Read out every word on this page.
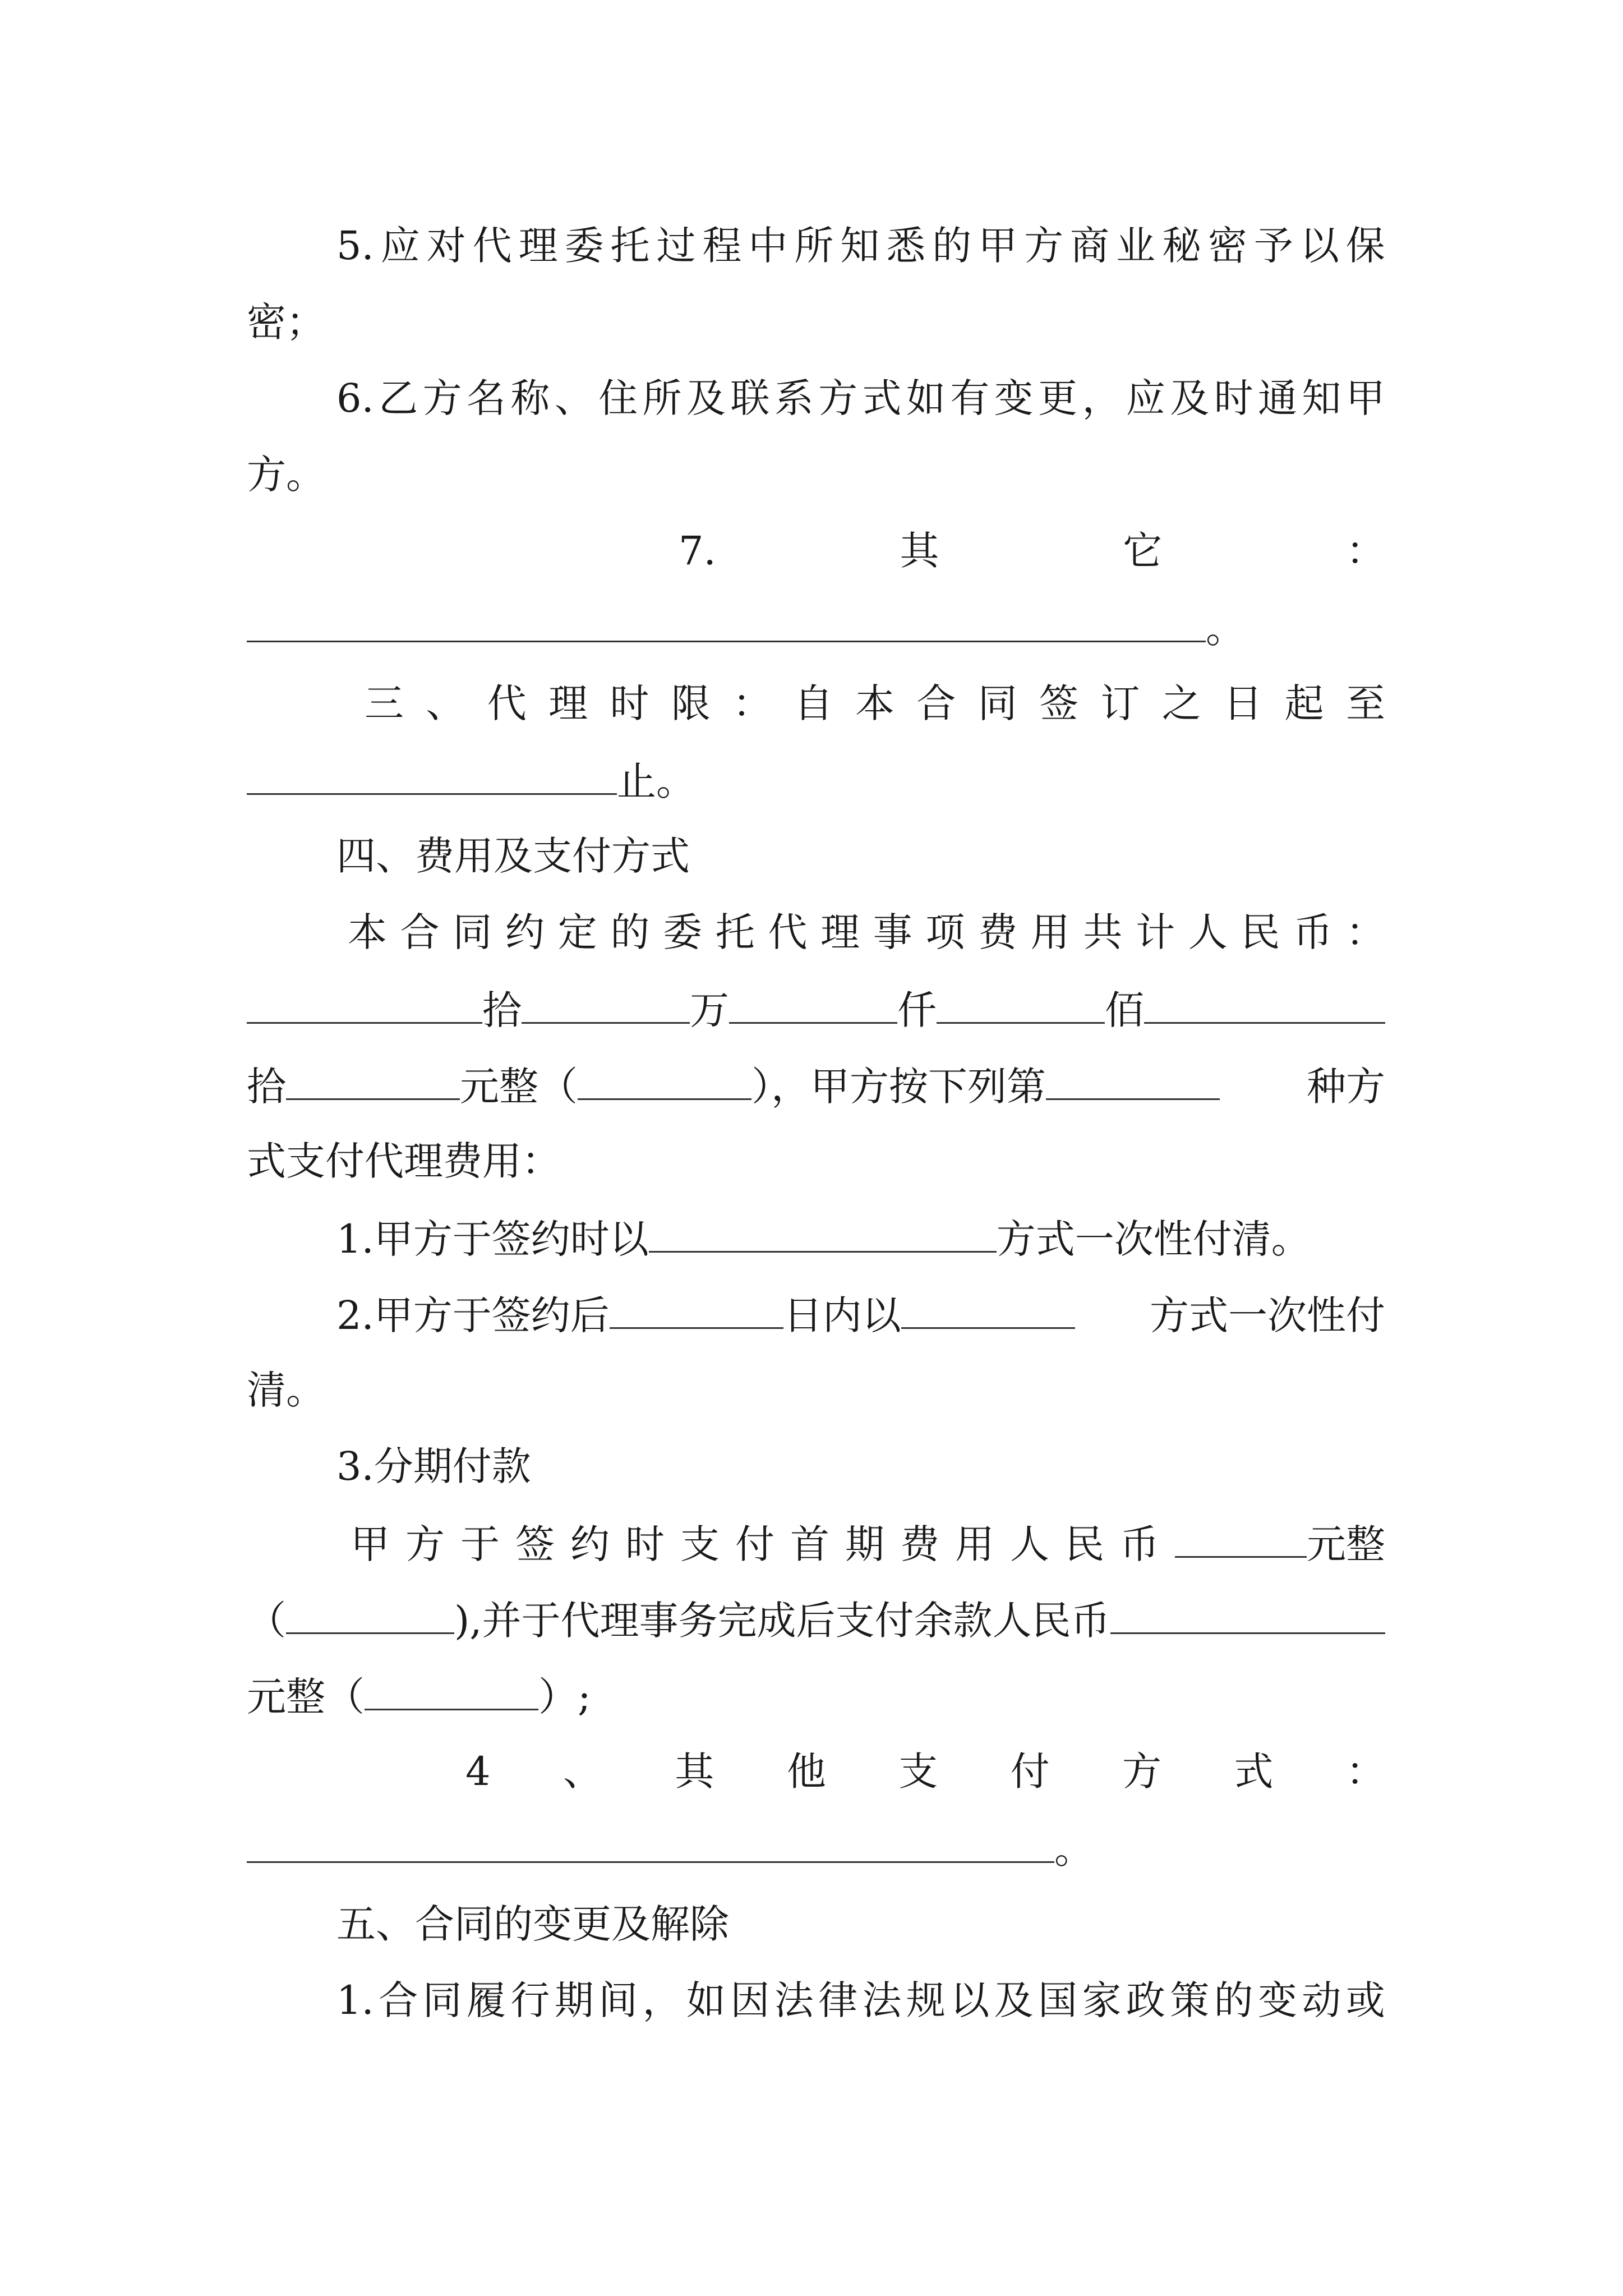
5. 应 对 代 理 委 托 过 程 中 所 知 悉 的 甲 方 商 业 秘 密 予 以 保
密；
6. 乙 方 名 称 、 住 所 及 联 系 方 式 如 有 变 更 ， 应 及 时 通 知 甲
方。
7.	其	它	：
。
三 、 代 理 时 限 ： 自 本 合 同 签 订 之 日 起 至
止。
四、费用及支付方式
本 合 同 约 定 的 委 托 代 理 事 项 费 用 共 计 人 民 币 ：
拾	万	仟	佰
拾	元整（	），甲方按下列第	种方
式支付代理费用：
1.甲方于签约时以	方式一次性付清。
2.甲方于签约后	日内以	方式一次性付
清。
3.分期付款
甲方于签约时支付首期费用人民币	元整
（	),并于代理事务完成后支付余款人民币
元整（	）;
4 、 其 他 支 付 方 式 ：
。
五、合同的变更及解除
1. 合 同 履 行 期 间 ， 如 因 法 律 法 规 以 及 国 家 政 策 的 变 动 或
